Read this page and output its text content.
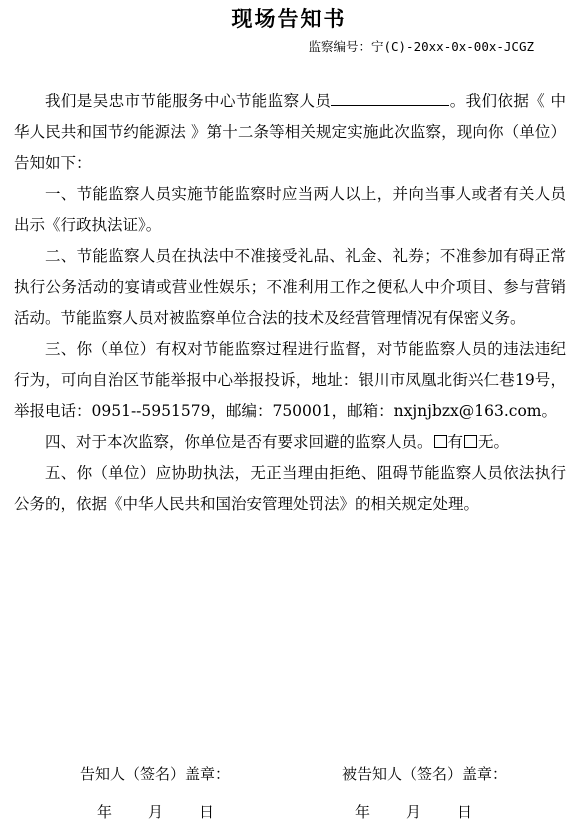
现场告知书
监察编号：宁(C)-20xx-0x-00x-JCGZ

我们是吴忠市节能服务中心节能监察人员	。我们依据《 中华人民共和国节约能源法 》第十二条等相关规定实施此次监察，现向你（单位）告知如下：

一、节能监察人员实施节能监察时应当两人以上，并向当事人或者有关人员出示《行政执法证》。

二、节能监察人员在执法中不准接受礼品、礼金、礼券；不准参加有碍正常执行公务活动的宴请或营业性娱乐；不准利用工作之便私人中介项目、参与营销活动。节能监察人员对被监察单位合法的技术及经营管理情况有保密义务。

三、你（单位）有权对节能监察过程进行监督，对节能监察人员的违法违纪行为，可向自治区节能举报中心举报投诉，地址：银川市凤凰北街兴仁巷19号，举报电话：0951--5951579，邮编：750001，邮箱：nxjnjbzx@163.com。

四、对于本次监察，你单位是否有要求回避的监察人员。 有 无。

五、你（单位）应协助执法，无正当理由拒绝、阻碍节能监察人员依法执行公务的，依据《中华人民共和国治安管理处罚法》的相关规定处理。

告知人（签名）盖章：	被告知人（签名）盖章：
年 月 日	年 月 日
